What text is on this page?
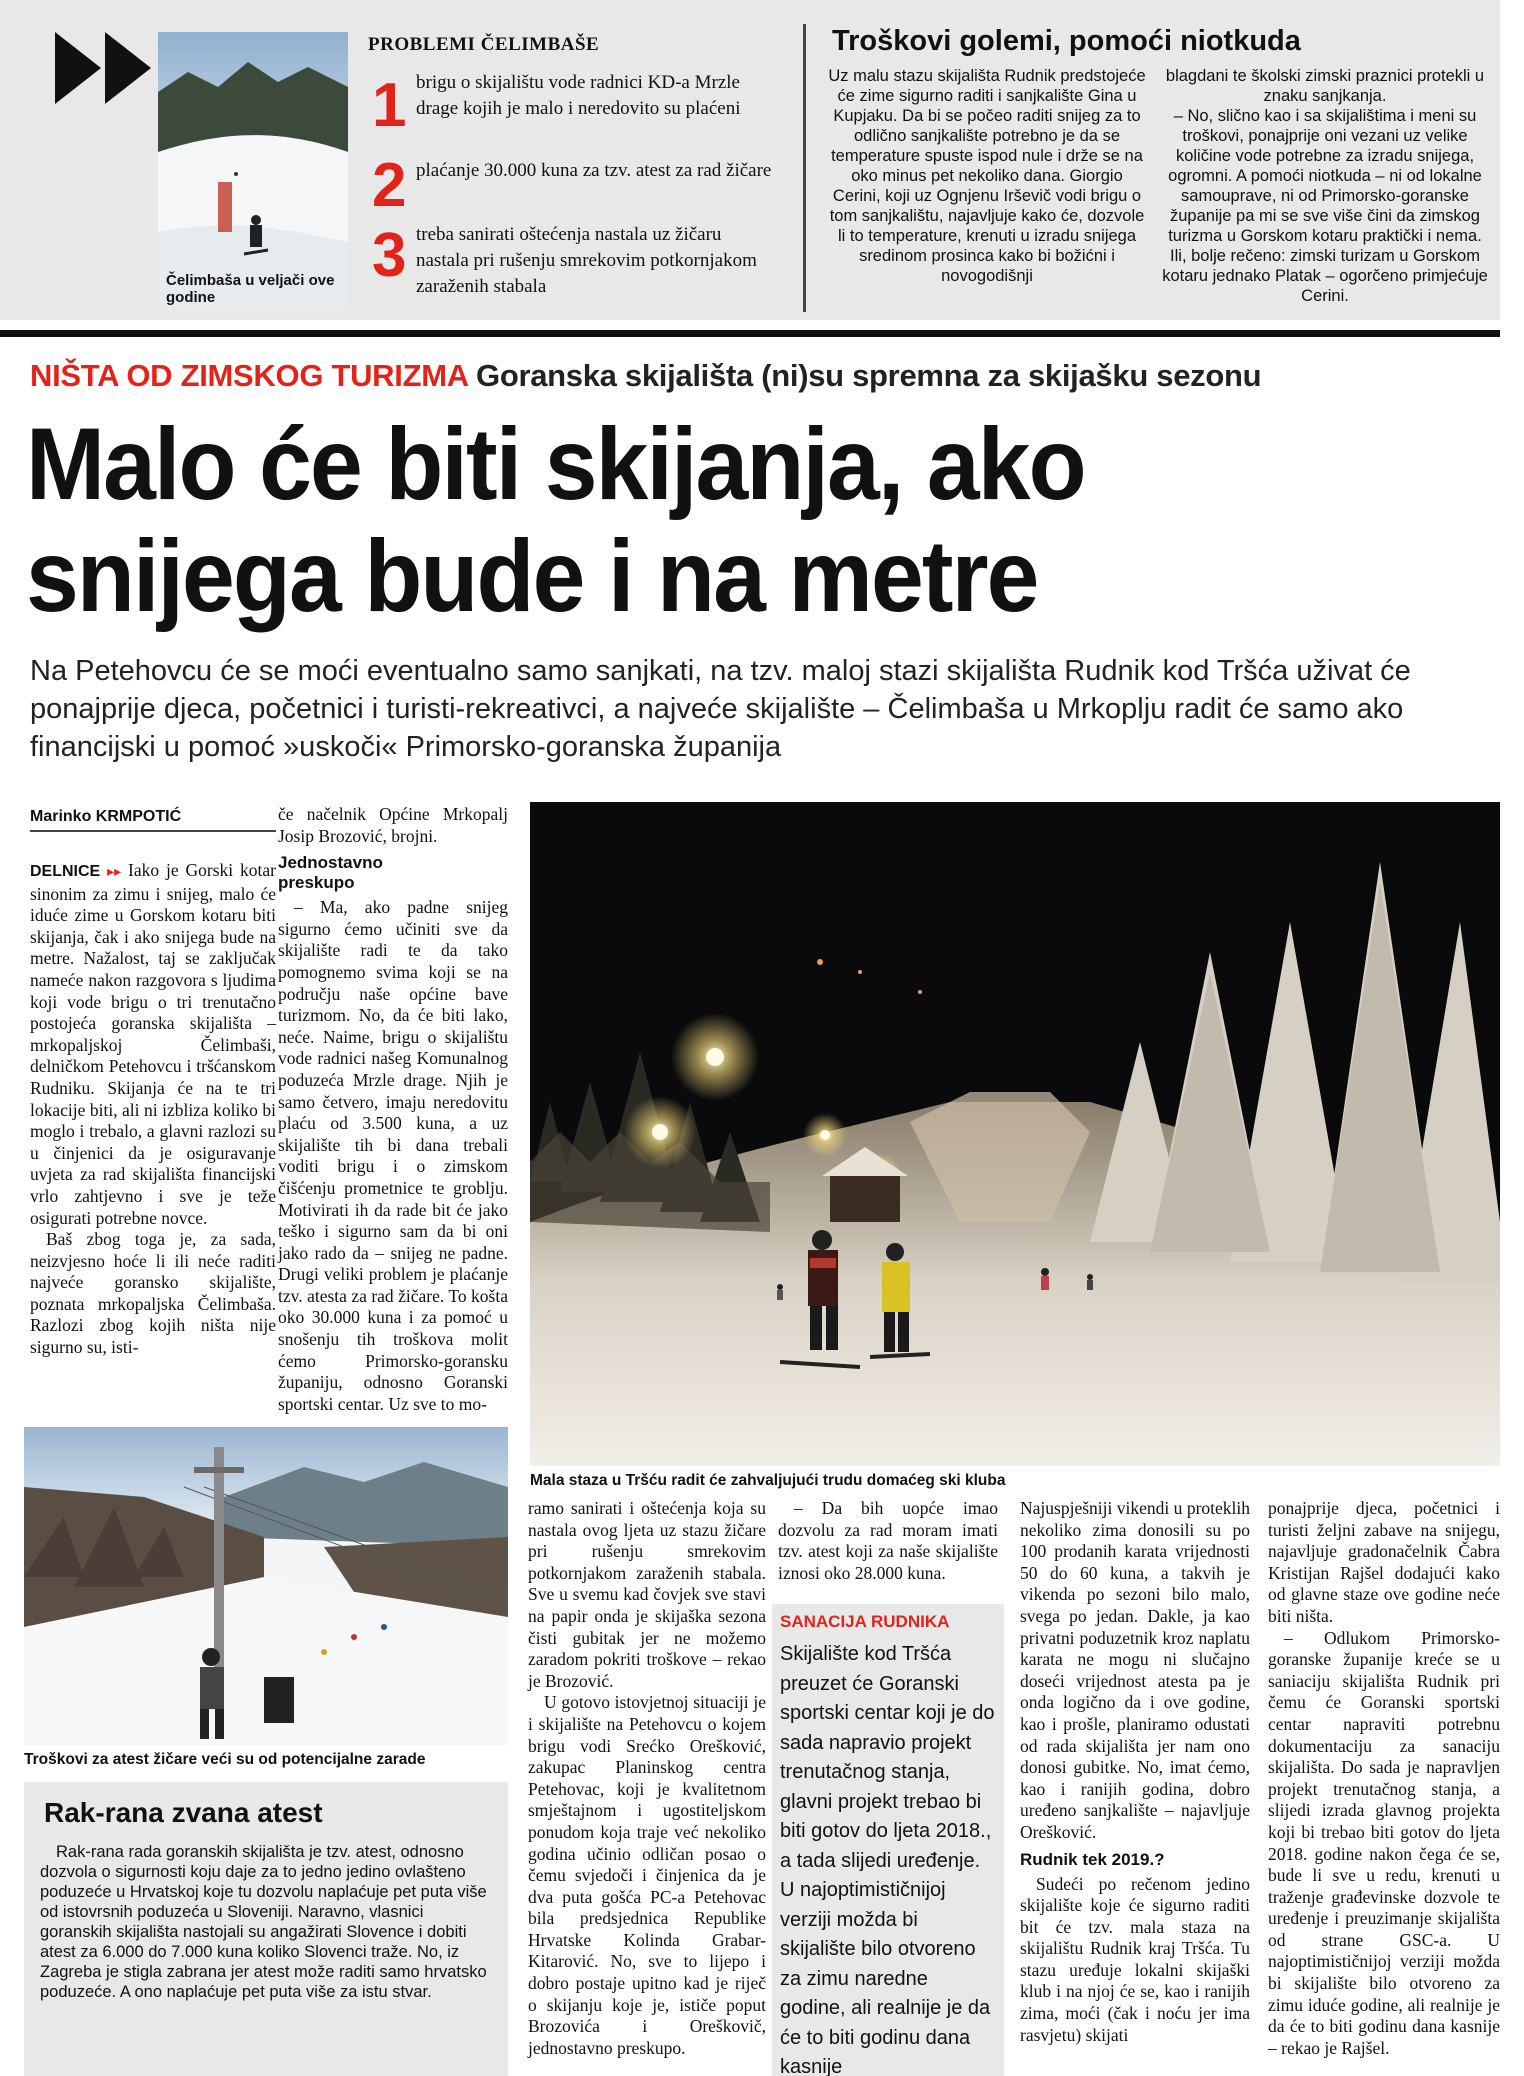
Čelimbaša u veljači ove godine
PROBLEMI ČELIMBAŠE
1 brigu o skijalištu vode radnici KD-a Mrzle drage kojih je malo i neredovito su plaćeni
2 plaćanje 30.000 kuna za tzv. atest za rad žičare
3 treba sanirati oštećenja nastala uz žičaru nastala pri rušenju smrekovim potkornjakom zaraženih stabala
Troškovi golemi, pomoći niotkuda
Uz malu stazu skijališta Rudnik predstojeće će zime sigurno raditi i sanjkalište Gina u Kupjaku. Da bi se počeo raditi snijeg za to odlično sanjkalište potrebno je da se temperature spuste ispod nule i drže se na oko minus pet nekoliko dana. Giorgio Cerini, koji uz Ognjenu Irševič vodi brigu o tom sanjkalištu, najavljuje kako će, dozvole li to temperature, krenuti u izradu snijega sredinom prosinca kako bi božićni i novogodišnji
blagdani te školski zimski praznici protekli u znaku sanjkanja.
– No, slično kao i sa skijalištima i meni su troškovi, ponajprije oni vezani uz velike količine vode potrebne za izradu snijega, ogromni. A pomoći niotkuda – ni od lokalne samouprave, ni od Primorsko-goranske županije pa mi se sve više čini da zimskog turizma u Gorskom kotaru praktički i nema. Ili, bolje rečeno: zimski turizam u Gorskom kotaru jednako Platak – ogorčeno primjećuje Cerini.
NIŠTA OD ZIMSKOG TURIZMA Goranska skijališta (ni)su spremna za skijašku sezonu
Malo će biti skijanja, ako
snijega bude i na metre
Na Petehovcu će se moći eventualno samo sanjkati, na tzv. maloj stazi skijališta Rudnik kod Tršća uživat će ponajprije djeca, početnici i turisti-rekreativci, a najveće skijalište – Čelimbaša u Mrkoplju radit će samo ako financijski u pomoć »uskoči« Primorsko-goranska županija
Marinko KRMPOTIĆ

DELNICE ▸▸ Iako je Gorski kotar sinonim za zimu i snijeg, malo će iduće zime u Gorskom kotaru biti skijanja, čak i ako snijega bude na metre. Nažalost, taj se zaključak nameće nakon razgovora s ljudima koji vode brigu o tri trenutačno postojeća goranska skijališta – mrkopaljskoj Čelimbaši, delničkom Petehovcu i tršćanskom Rudniku. Skijanja će na te tri lokacije biti, ali ni izbliza koliko bi moglo i trebalo, a glavni razlozi su u činjenici da je osiguravanje uvjeta za rad skijališta financijski vrlo zahtjevno i sve je teže osigurati potrebne novce.

Baš zbog toga je, za sada, neizvjesno hoće li ili neće raditi najveće goransko skijalište, poznata mrkopaljska Čelimbaša. Razlozi zbog kojih ništa nije sigurno su, isti-

če načelnik Općine Mrkopalj Josip Brozović, brojni.

Jednostavno preskupo

– Ma, ako padne snijeg sigurno ćemo učiniti sve da skijalište radi te da tako pomognemo svima koji se na području naše općine bave turizmom. No, da će biti lako, neće. Naime, brigu o skijalištu vode radnici našeg Komunalnog poduzeća Mrzle drage. Njih je samo četvero, imaju neredovitu plaću od 3.500 kuna, a uz skijalište tih bi dana trebali voditi brigu i o zimskom čišćenju prometnice te groblju. Motivirati ih da rade bit će jako teško i sigurno sam da bi oni jako rado da – snijeg ne padne. Drugi veliki problem je plaćanje tzv. atesta za rad žičare. To košta oko 30.000 kuna i za pomoć u snošenju tih troškova molit ćemo Primorsko-goransku županiju, odnosno Goranski sportski centar. Uz sve to mo-

Mala staza u Tršću radit će zahvaljujući trudu domaćeg ski kluba
Troškovi za atest žičare veći su od potencijalne zarade
Rak-rana zvana atest
Rak-rana rada goranskih skijališta je tzv. atest, odnosno dozvola o sigurnosti koju daje za to jedno jedino ovlašteno poduzeće u Hrvatskoj koje tu dozvolu naplaćuje pet puta više od istovrsnih poduzeća u Sloveniji. Naravno, vlasnici goranskih skijališta nastojali su angažirati Slovence i dobiti atest za 6.000 do 7.000 kuna koliko Slovenci traže. No, iz Zagreba je stigla zabrana jer atest može raditi samo hrvatsko poduzeće. A ono naplaćuje pet puta više za istu stvar.

ramo sanirati i oštećenja koja su nastala ovog ljeta uz stazu žičare pri rušenju smrekovim potkornjakom zaraženih stabala. Sve u svemu kad čovjek sve stavi na papir onda je skijaška sezona čisti gubitak jer ne možemo zaradom pokriti troškove – rekao je Brozović.

U gotovo istovjetnoj situaciji je i skijalište na Petehovcu o kojem brigu vodi Srećko Orešković, zakupac Planinskog centra Petehovac, koji je kvalitetnom smještajnom i ugostiteljskom ponudom koja traje već nekoliko godina učinio odličan posao o čemu svjedoči i činjenica da je dva puta gošća PC-a Petehovac bila predsjednica Republike Hrvatske Kolinda Grabar-Kitarović. No, sve to lijepo i dobro postaje upitno kad je riječ o skijanju koje je, ističe poput Brozovića i Oreškovič, jednostavno preskupo.

– Da bih uopće imao dozvolu za rad moram imati tzv. atest koji za naše skijalište iznosi oko 28.000 kuna.
SANACIJA RUDNIKA
Skijalište kod Tršća preuzet će Goranski sportski centar koji je do sada napravio projekt trenutačnog stanja, glavni projekt trebao bi biti gotov do ljeta 2018., a tada slijedi uređenje. U najoptimističnijoj verziji možda bi skijalište bilo otvoreno za zimu naredne godine, ali realnije je da će to biti godinu dana kasnije

Najuspješniji vikendi u proteklih nekoliko zima donosili su po 100 prodanih karata vrijednosti 50 do 60 kuna, a takvih je vikenda po sezoni bilo malo, svega po jedan. Dakle, ja kao privatni poduzetnik kroz naplatu karata ne mogu ni slučajno doseći vrijednost atesta pa je onda logično da i ove godine, kao i prošle, planiramo odustati od rada skijališta jer nam ono donosi gubitke. No, imat ćemo, kao i ranijih godina, dobro uređeno sanjkalište – najavljuje Orešković.

Rudnik tek 2019.?

Sudeći po rečenom jedino skijalište koje će sigurno raditi bit će tzv. mala staza na skijalištu Rudnik kraj Tršća. Tu stazu uređuje lokalni skijaški klub i na njoj će se, kao i ranijih zima, moći (čak i noću jer ima rasvjetu) skijati

ponajprije djeca, početnici i turisti željni zabave na snijegu, najavljuje gradonačelnik Čabra Kristijan Rajšel dodajući kako od glavne staze ove godine neće biti ništa.

– Odlukom Primorsko-goranske županije kreće se u saniaciju skijališta Rudnik pri čemu će Goranski sportski centar napraviti potrebnu dokumentaciju za sanaciju skijališta. Do sada je napravljen projekt trenutačnog stanja, a slijedi izrada glavnog projekta koji bi trebao biti gotov do ljeta 2018. godine nakon čega će se, bude li sve u redu, krenuti u traženje građevinske dozvole te uređenje i preuzimanje skijališta od strane GSC-a. U najoptimističnijoj verziji možda bi skijalište bilo otvoreno za zimu iduće godine, ali realnije je da će to biti godinu dana kasnije – rekao je Rajšel.
